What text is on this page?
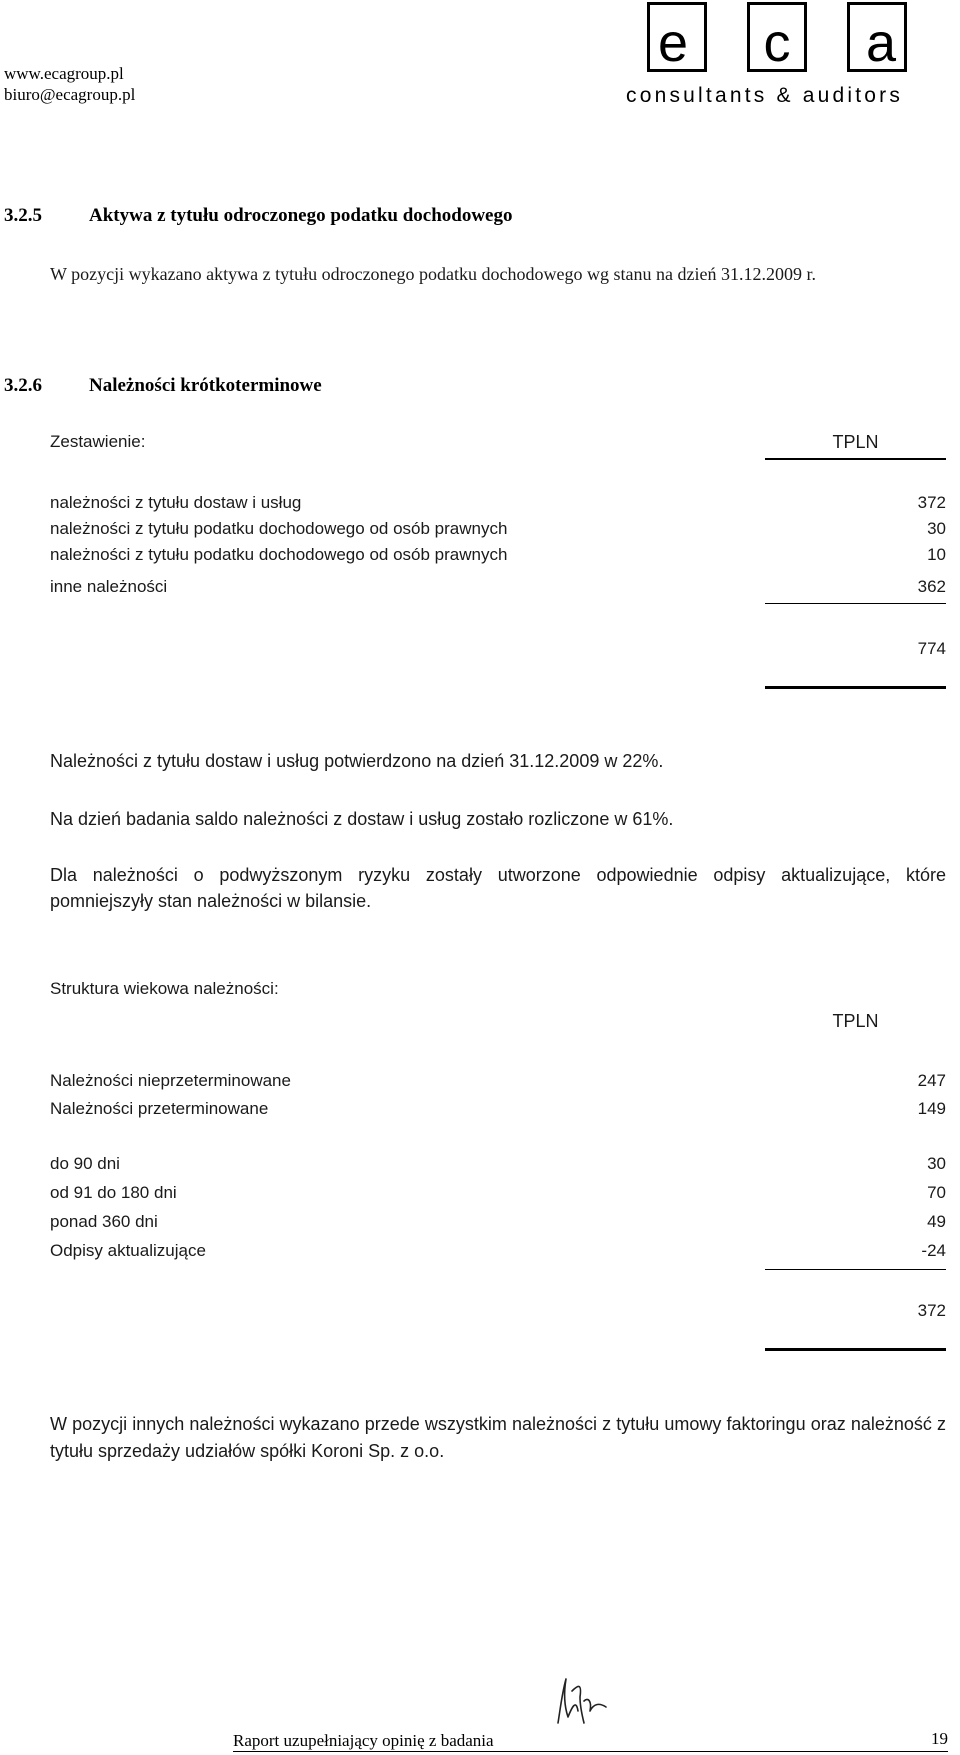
www.ecagroup.pl
biuro@ecagroup.pl
e	c	a
consultants & auditors
3.2.5 Aktywa z tytułu odroczonego podatku dochodowego
W pozycji wykazano aktywa z tytułu odroczonego podatku dochodowego wg stanu na dzień 31.12.2009 r.
3.2.6 Należności krótkoterminowe
Zestawienie:	TPLN
należności z tytułu dostaw i usług	372
należności z tytułu podatku dochodowego od osób prawnych	30
należności z tytułu podatku dochodowego od osób prawnych	10
inne należności	362
774
Należności z tytułu dostaw i usług potwierdzono na dzień 31.12.2009 w 22%.
Na dzień badania saldo należności z dostaw i usług zostało rozliczone w 61%.
Dla należności o podwyższonym ryzyku zostały utworzone odpowiednie odpisy aktualizujące, które pomniejszyły stan należności w bilansie.
Struktura wiekowa należności:
TPLN
Należności nieprzeterminowane	247
Należności przeterminowane	149
do 90 dni	30
od 91 do 180 dni	70
ponad 360 dni	49
Odpisy aktualizujące	-24
372
W pozycji innych należności wykazano przede wszystkim należności z tytułu umowy faktoringu oraz należność z tytułu sprzedaży udziałów spółki Koroni Sp. z o.o.
Raport uzupełniający opinię z badania	19
